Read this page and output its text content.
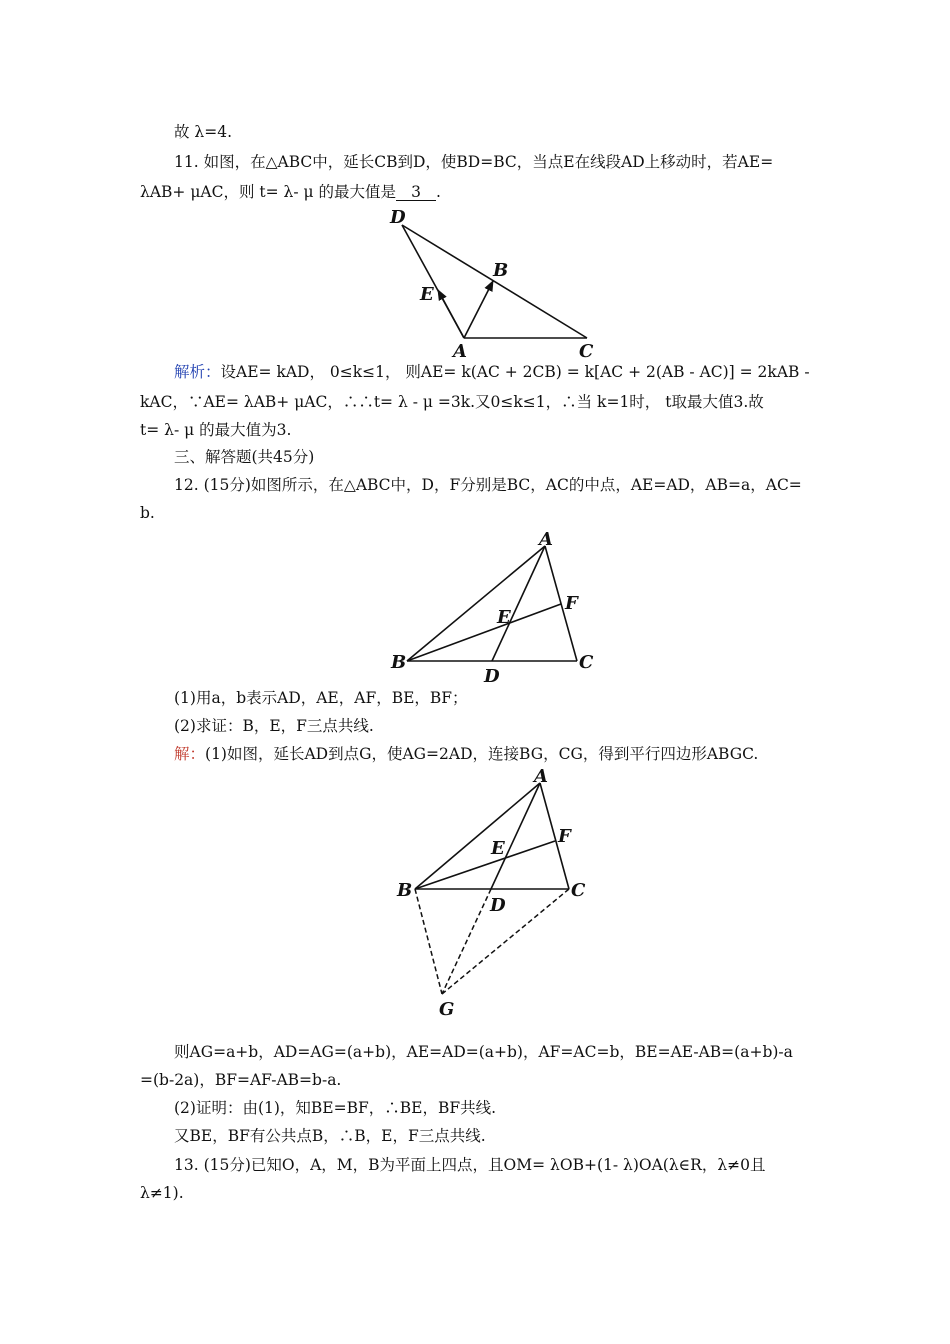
故 λ=4.
11. 如图，在△ABC中，延长CB到D，使BD=BC，当点E在线段AD上移动时，若AE=
λAB+ μAC，则 t= λ- μ 的最大值是 3 .
D
B
E
A	C
解析：设AE= kAD， 0≤k≤1， 则AE= k(AC + 2CB) = k[AC + 2(AB - AC)] = 2kAB -
kAC，∵AE= λAB+ μAC，∴∴t= λ - μ =3k.又0≤k≤1，∴当 k=1时， t取最大值3.故
t= λ- μ 的最大值为3.
三、解答题(共45分)
12. (15分)如图所示，在△ABC中，D，F分别是BC，AC的中点，AE=AD，AB=a，AC=
b.
A
F
E
B
D
C
(1)用a，b表示AD，AE，AF，BE，BF；
(2)求证：B，E，F三点共线.
解：(1)如图，延长AD到点G，使AG=2AD，连接BG，CG，得到平行四边形ABGC.
A
F
E
B
D
C
G
则AG=a+b，AD=AG=(a+b)，AE=AD=(a+b)，AF=AC=b，BE=AE-AB=(a+b)-a
=(b-2a)，BF=AF-AB=b-a.
(2)证明：由(1)，知BE=BF，∴BE，BF共线.
又BE，BF有公共点B，∴B，E，F三点共线.
13. (15分)已知O，A，M，B为平面上四点，且OM= λOB+(1- λ)OA(λ∈R，λ≠0且
λ≠1).
